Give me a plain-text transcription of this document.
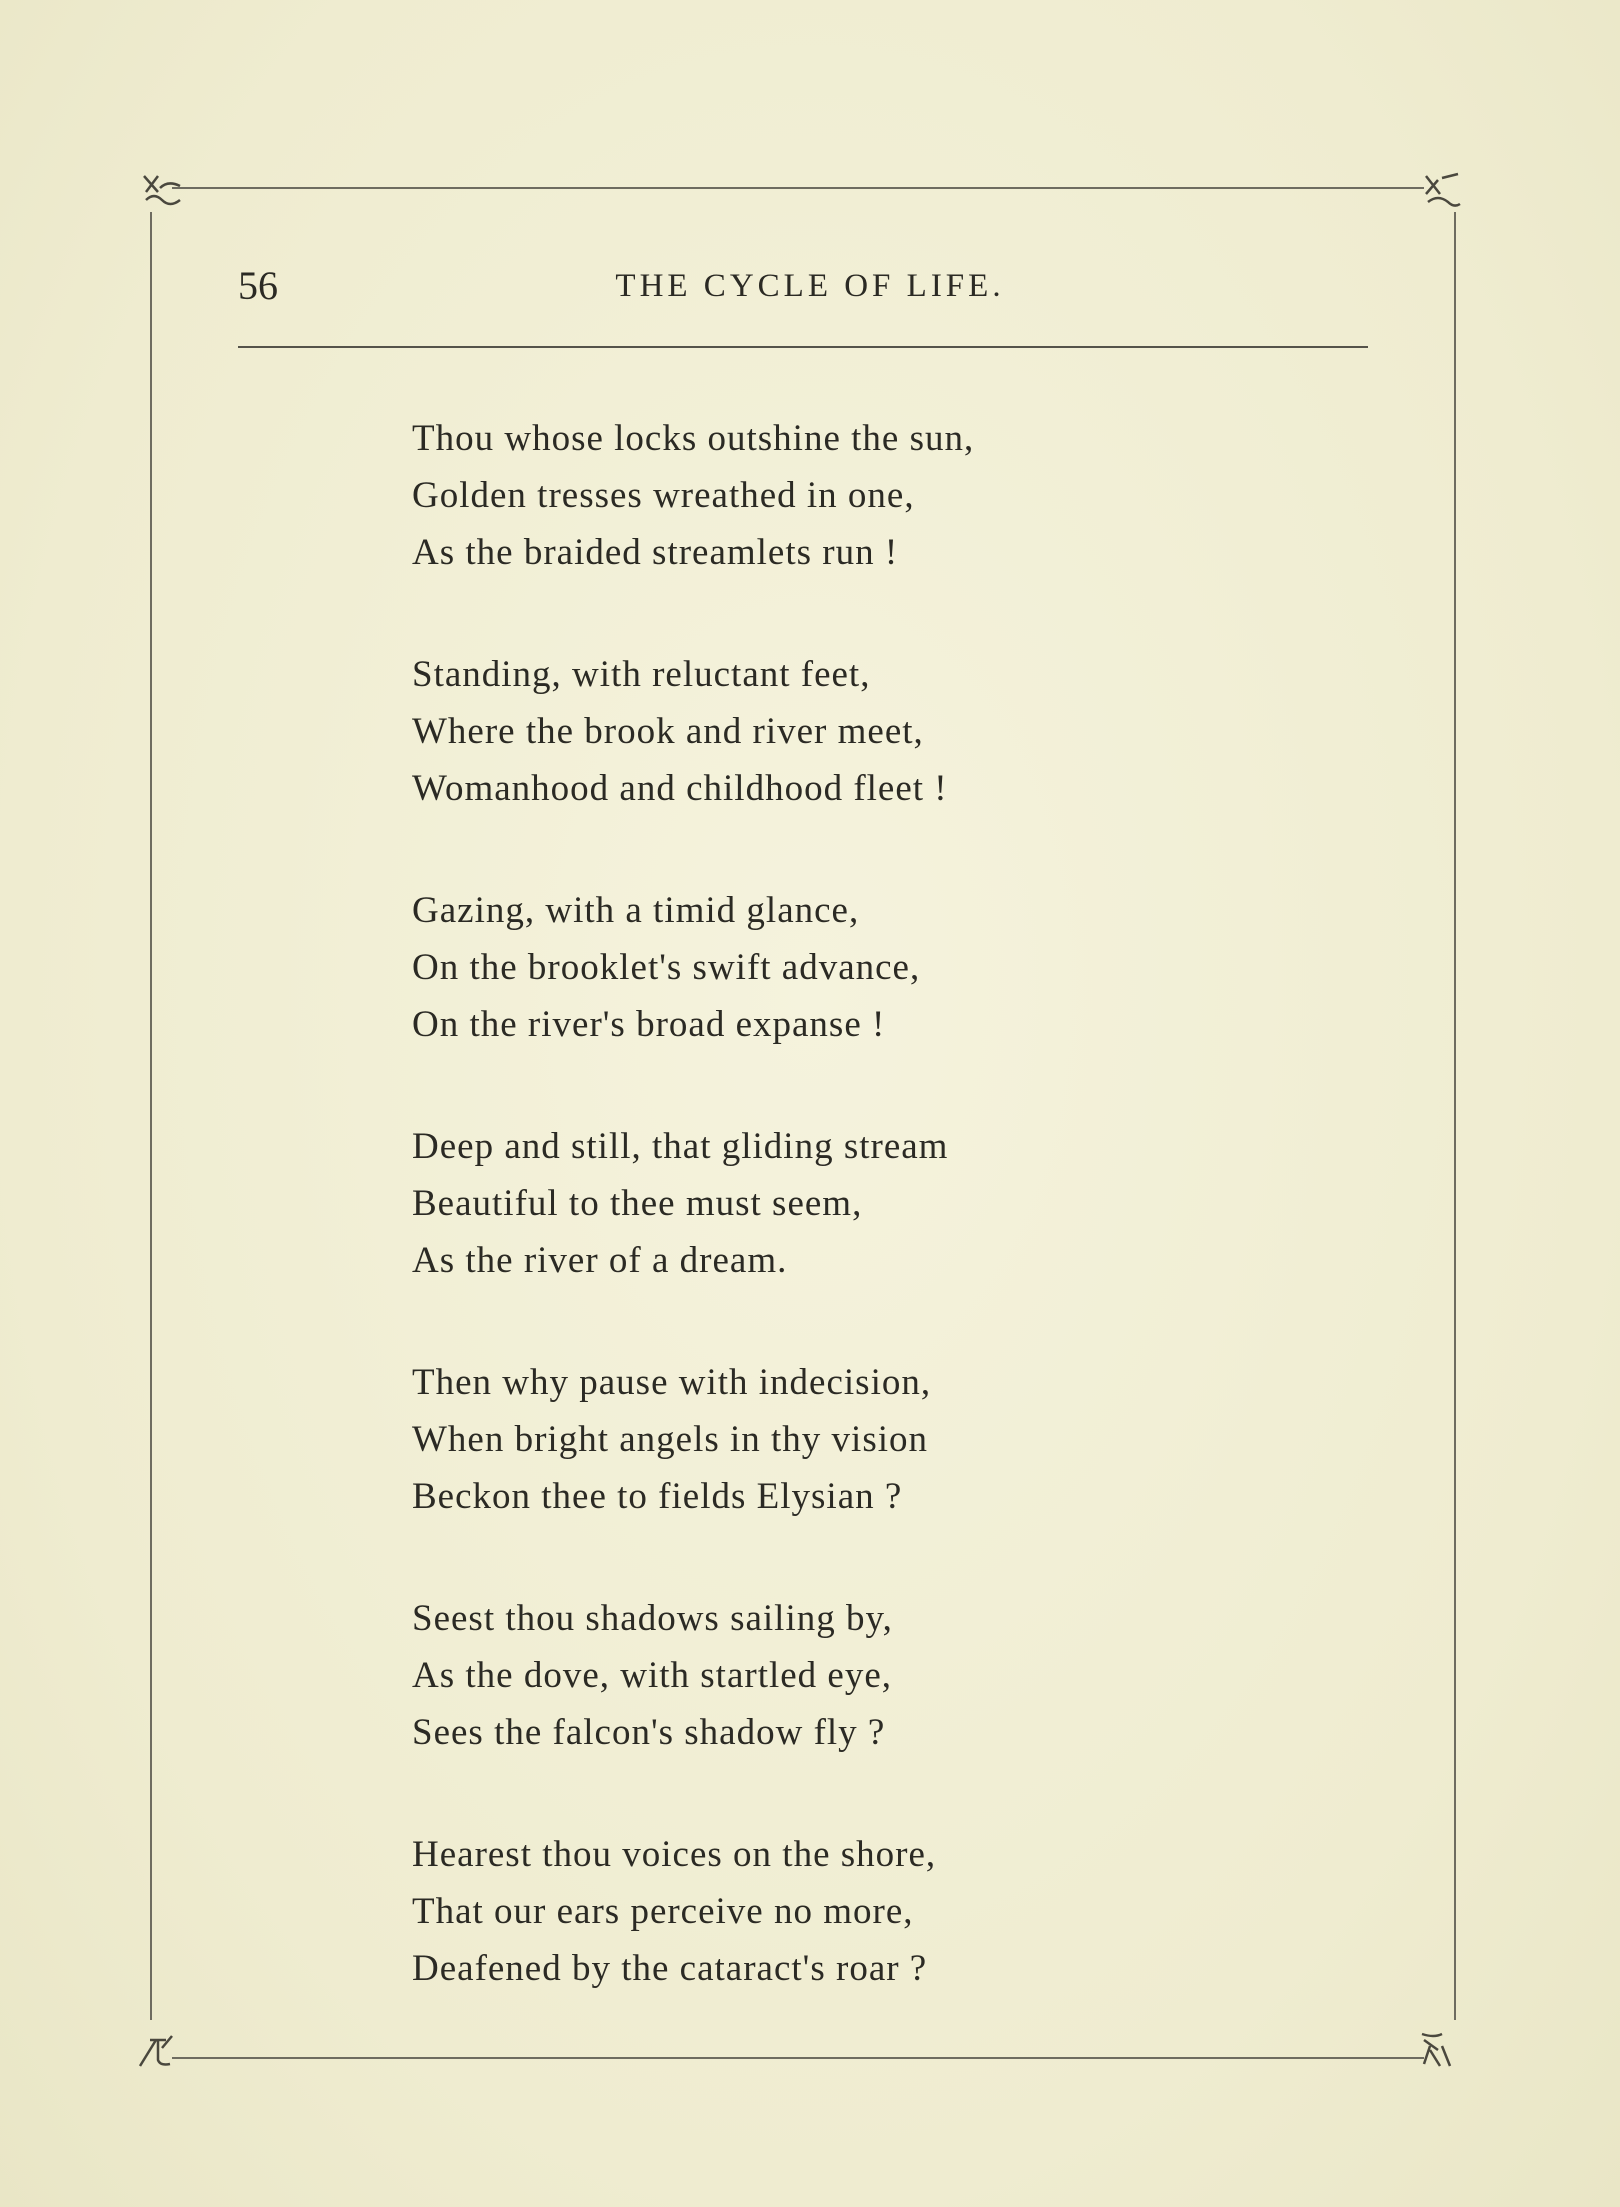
56	THE CYCLE OF LIFE.
Thou whose locks outshine the sun,
Golden tresses wreathed in one,
As the braided streamlets run !
Standing, with reluctant feet,
Where the brook and river meet,
Womanhood and childhood fleet !
Gazing, with a timid glance,
On the brooklet's swift advance,
On the river's broad expanse !
Deep and still, that gliding stream
Beautiful to thee must seem,
As the river of a dream.
Then why pause with indecision,
When bright angels in thy vision
Beckon thee to fields Elysian ?
Seest thou shadows sailing by,
As the dove, with startled eye,
Sees the falcon's shadow fly ?
Hearest thou voices on the shore,
That our ears perceive no more,
Deafened by the cataract's roar ?
